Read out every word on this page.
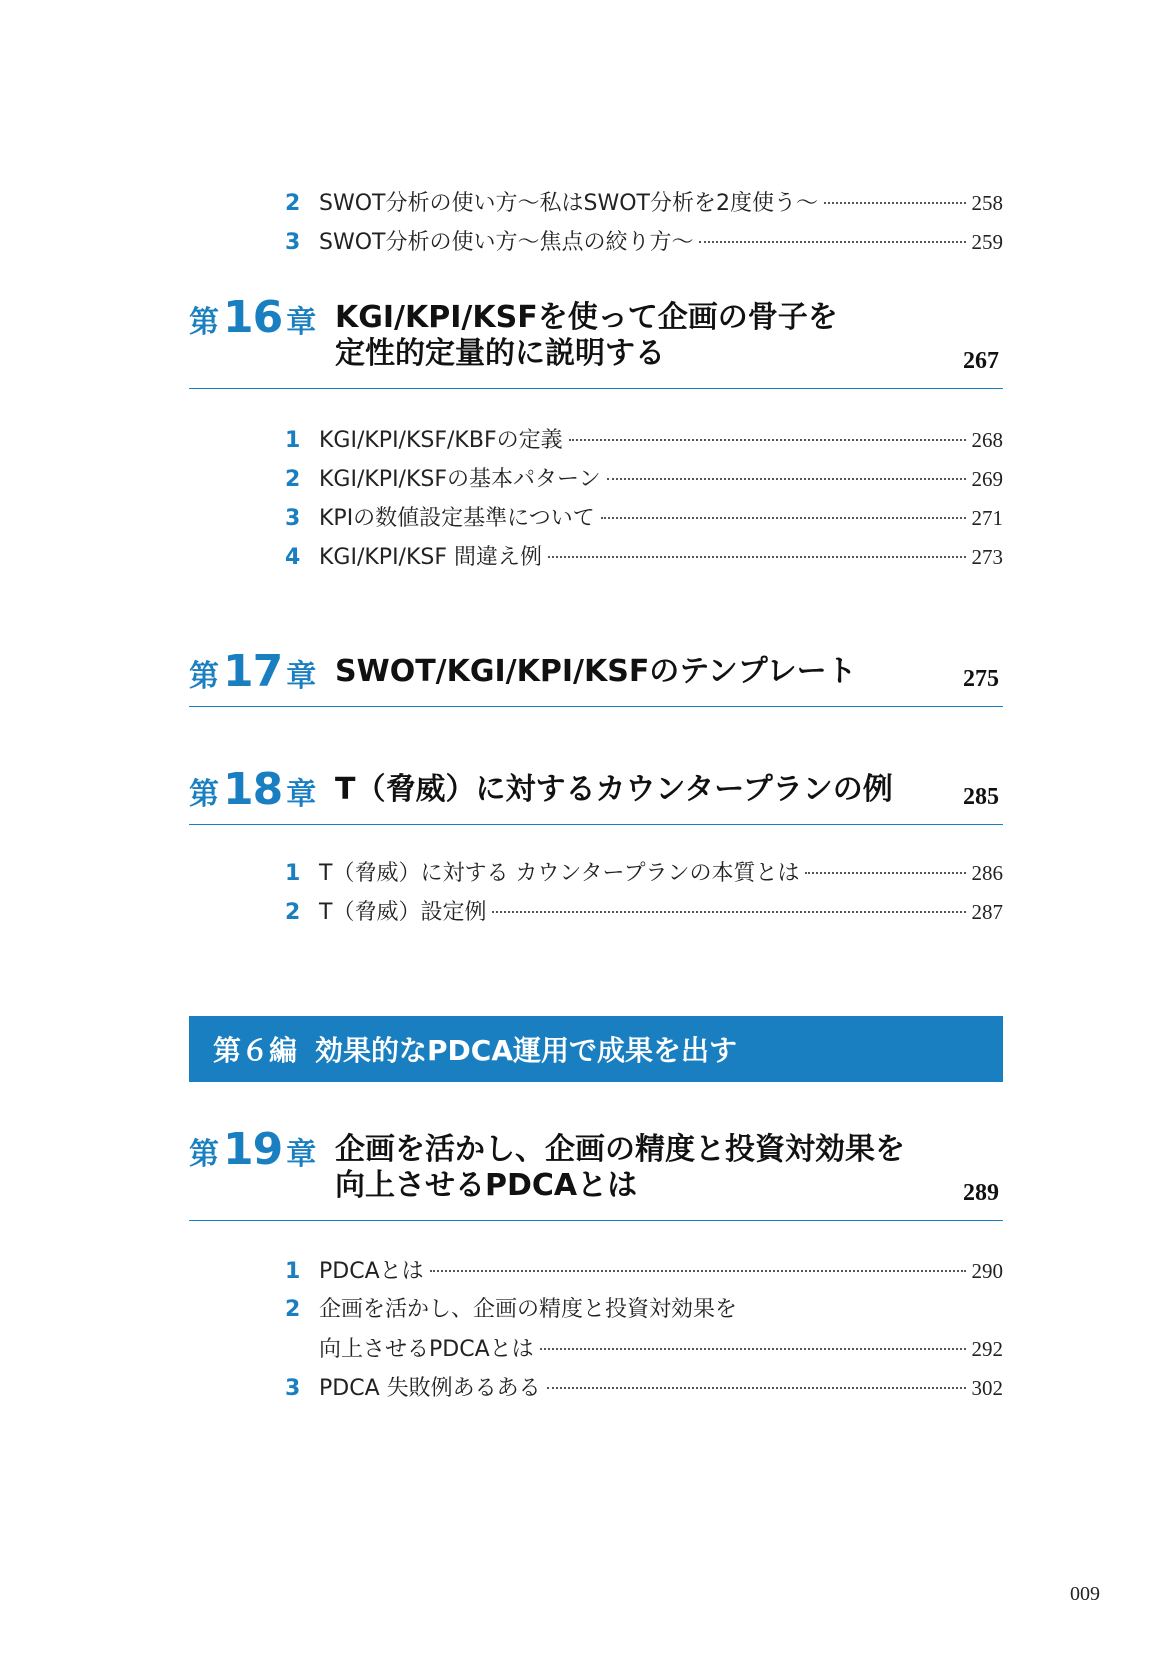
2 SWOT分析の使い方〜私はSWOT分析を2度使う〜	258
3 SWOT分析の使い方〜焦点の絞り方〜	259
第 16 章 KGI/KPI/KSFを使って企画の骨子を
定性的定量的に説明する	267
1 KGI/KPI/KSF/KBFの定義	268
2 KGI/KPI/KSFの基本パターン	269
3 KPIの数値設定基準について	271
4 KGI/KPI/KSF 間違え例	273
第 17 章 SWOT/KGI/KPI/KSFのテンプレート	275
第 18 章 T（脅威）に対するカウンタープランの例	285
1 T（脅威）に対する カウンタープランの本質とは	286
2 T（脅威）設定例	287
第６編 効果的なPDCA運用で成果を出す
第 19 章 企画を活かし、企画の精度と投資対効果を
向上させるPDCAとは	289
1 PDCAとは	290
2 企画を活かし、企画の精度と投資対効果を
向上させるPDCAとは	292
3 PDCA 失敗例あるある	302
009
